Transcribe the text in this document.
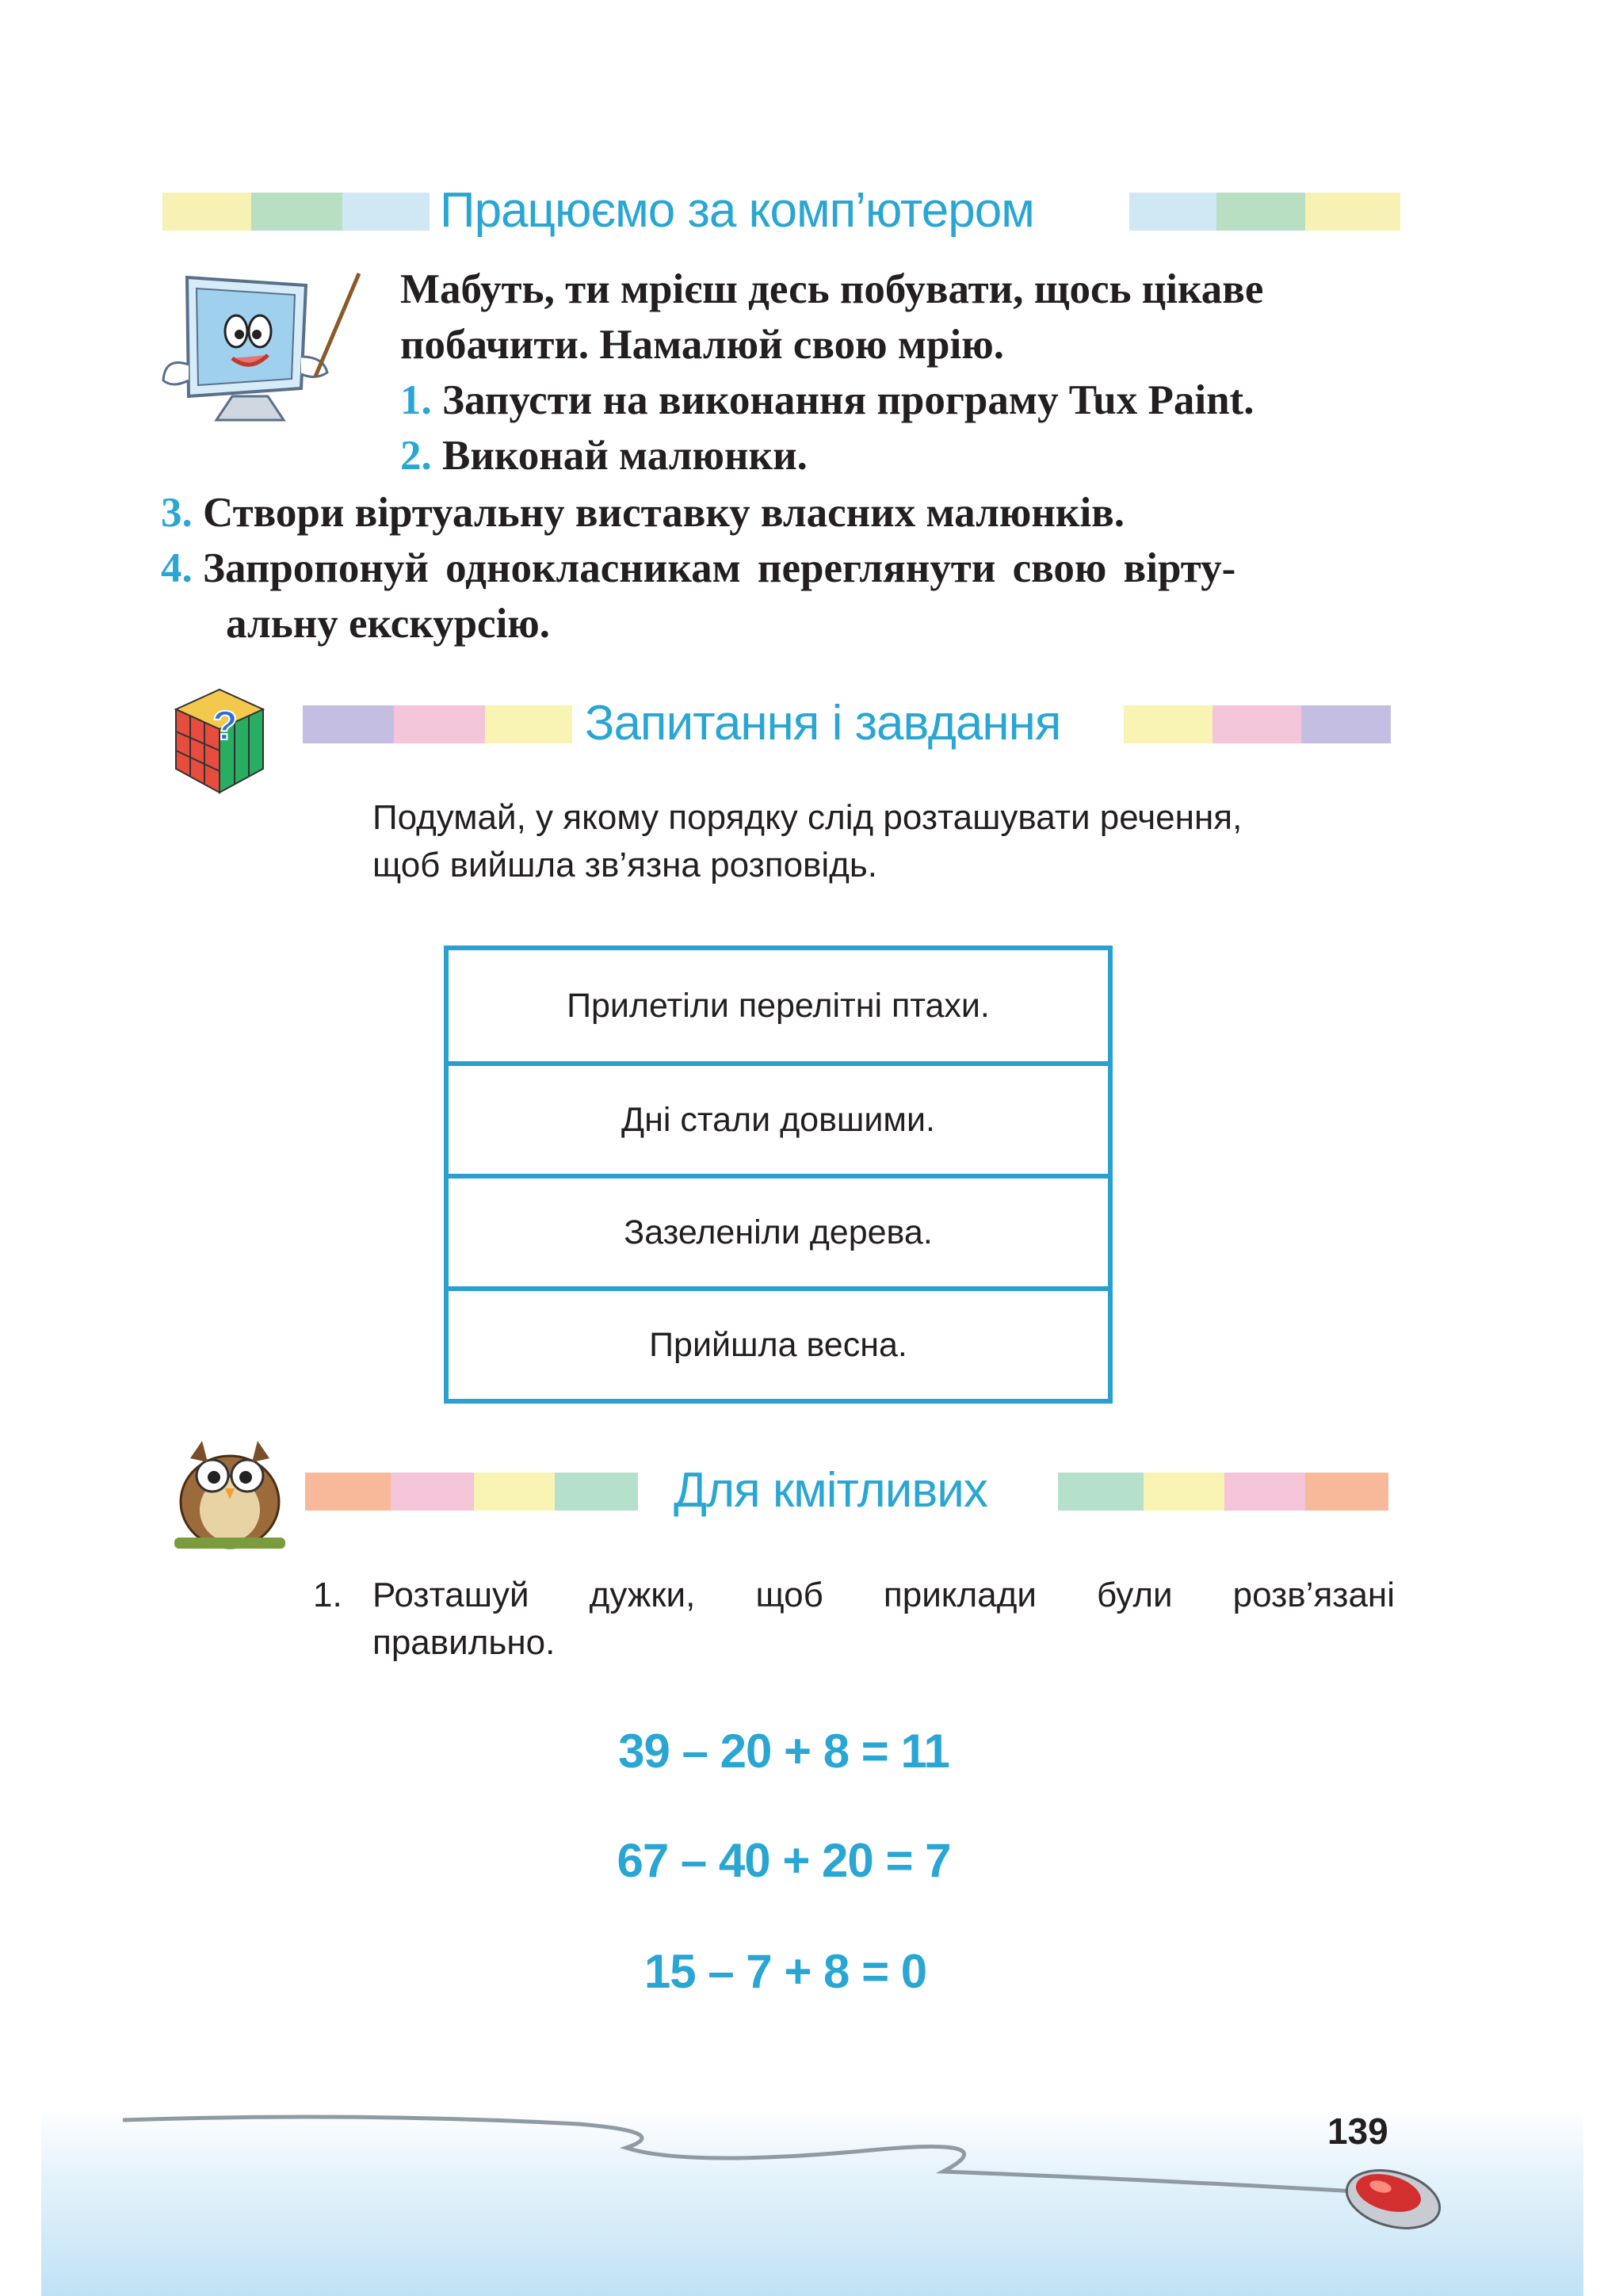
Працюємо за комп’ютером
Мабуть, ти мрієш десь побувати, щось цікаве
побачити. Намалюй свою мрію.
1. Запусти на виконання програму Tux Paint.
2. Виконай малюнки.
3. Створи віртуальну виставку власних малюнків.
4. Запропонуй однокласникам переглянути свою вірту-
альну екскурсію.
?	Запитання і завдання
Подумай, у якому порядку слід розташувати речення,
щоб вийшла зв’язна розповідь.
Прилетіли перелітні птахи.
Дні стали довшими.
Зазеленіли дерева.
Прийшла весна.
Для кмітливих
1. Розташуй дужки, щоб приклади були розв’язані
правильно.
39 – 20 + 8 = 11
67 – 40 + 20 = 7
15 – 7 + 8 = 0
139
